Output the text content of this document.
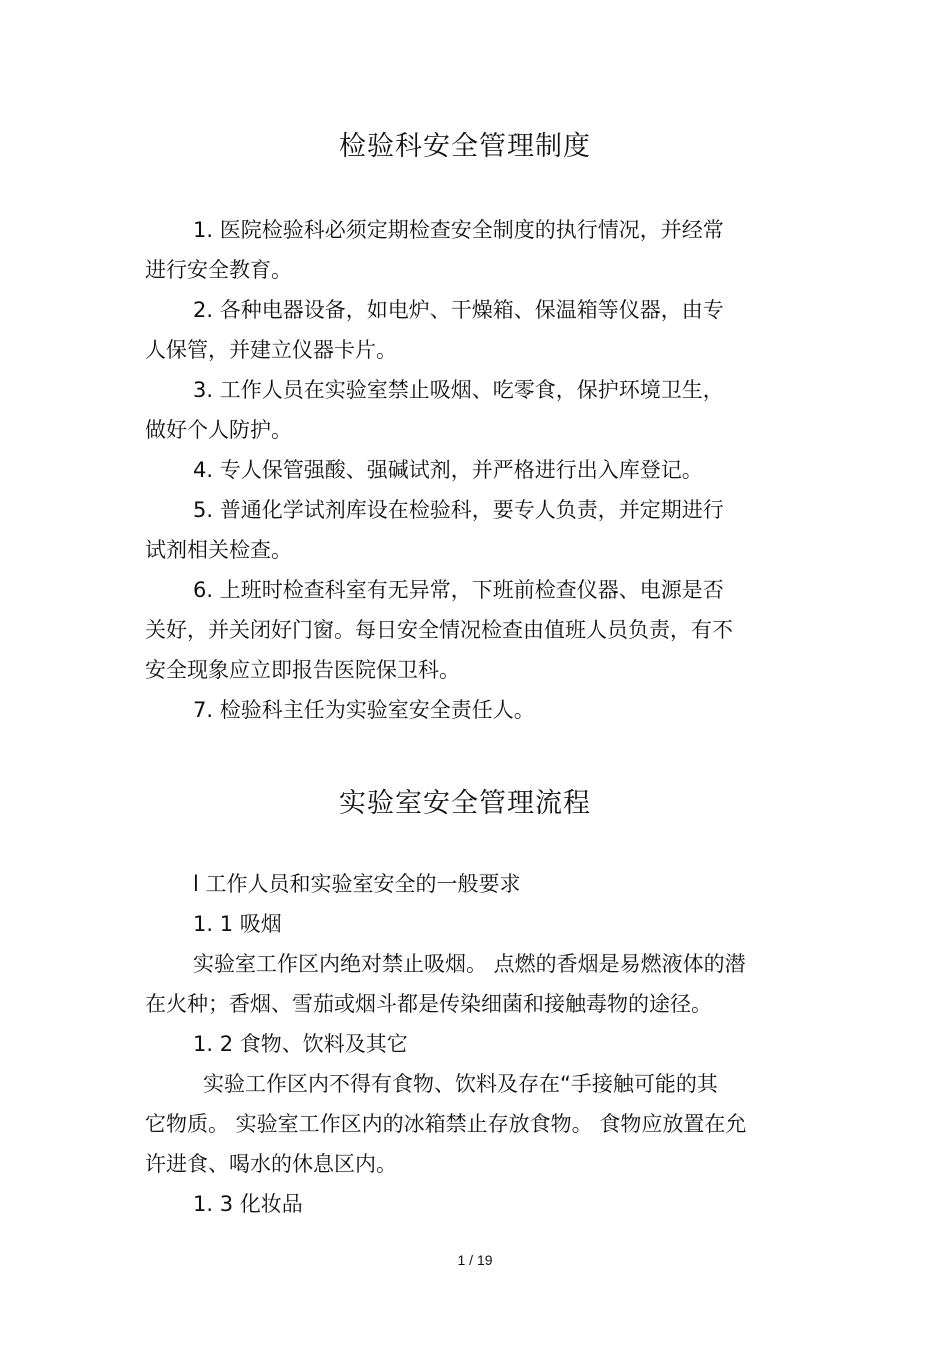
检验科安全管理制度

1. 医院检验科必须定期检查安全制度的执行情况，并经常

进行安全教育。

2. 各种电器设备，如电炉、干燥箱、保温箱等仪器，由专

人保管，并建立仪器卡片。

3. 工作人员在实验室禁止吸烟、吃零食，保护环境卫生，

做好个人防护。

4. 专人保管强酸、强碱试剂，并严格进行出入库登记。

5. 普通化学试剂库设在检验科，要专人负责，并定期进行

试剂相关检查。

6. 上班时检查科室有无异常，下班前检查仪器、电源是否

关好，并关闭好门窗。每日安全情况检查由值班人员负责，有不

安全现象应立即报告医院保卫科。

7. 检验科主任为实验室安全责任人。

实验室安全管理流程

l 工作人员和实验室安全的一般要求

1. 1 吸烟

实验室工作区内绝对禁止吸烟。 点燃的香烟是易燃液体的潜

在火种；香烟、雪茄或烟斗都是传染细菌和接触毒物的途径。

1. 2 食物、饮料及其它

实验工作区内不得有食物、饮料及存在“手接触可能的其

它物质。 实验室工作区内的冰箱禁止存放食物。 食物应放置在允

许进食、喝水的休息区内。

1. 3 化妆品

1 / 19
